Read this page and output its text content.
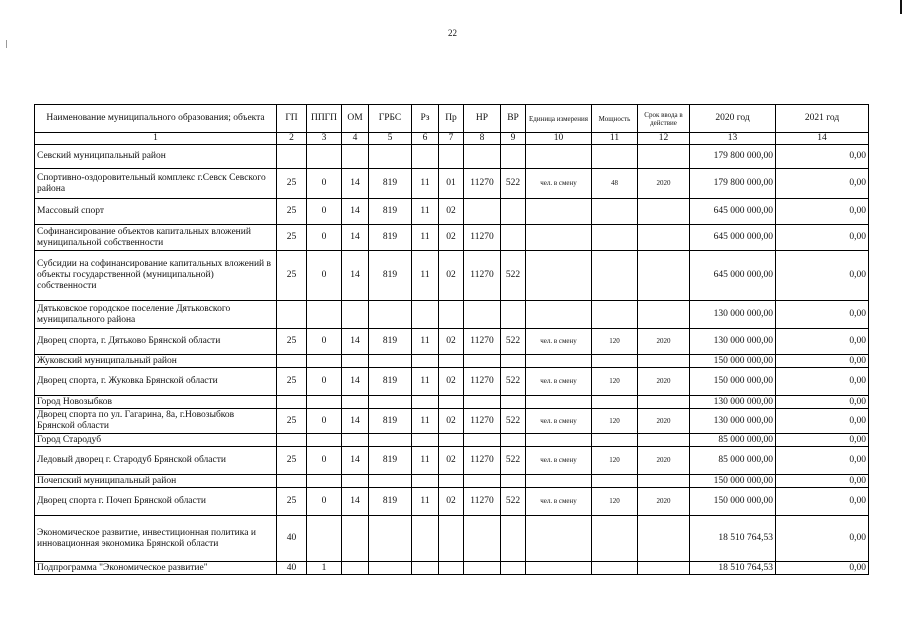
22
Наименование муниципального образования; объекта	ГП	ППГП	ОМ	ГРБС	Рз	Пр	НР	ВР	Единица измерения	Мощность	Срок ввода в действие	2020 год	2021 год
1	2	3	4	5	6	7	8	9	10	11	12	13	14
Севский муниципальный район												179 800 000,00	0,00
Спортивно-оздоровительный комплекс г.Севск Севского района	25	0	14	819	11	01	11270	522	чел. в смену	48	2020	179 800 000,00	0,00
Массовый спорт	25	0	14	819	11	02						645 000 000,00	0,00
Софинансирование объектов капитальных вложений муниципальной собственности	25	0	14	819	11	02	11270					645 000 000,00	0,00
Субсидии на софинансирование капитальных вложений в объекты государственной (муниципальной) собственности	25	0	14	819	11	02	11270	522				645 000 000,00	0,00
Дятьковское городское поселение Дятьковского муниципального района												130 000 000,00	0,00
Дворец спорта, г. Дятьково Брянской области	25	0	14	819	11	02	11270	522	чел. в смену	120	2020	130 000 000,00	0,00
Жуковский муниципальный район												150 000 000,00	0,00
Дворец спорта, г. Жуковка Брянской области	25	0	14	819	11	02	11270	522	чел. в смену	120	2020	150 000 000,00	0,00
Город Новозыбков												130 000 000,00	0,00
Дворец спорта по ул. Гагарина, 8а, г.Новозыбков Брянской области	25	0	14	819	11	02	11270	522	чел. в смену	120	2020	130 000 000,00	0,00
Город Стародуб												85 000 000,00	0,00
Ледовый дворец г. Стародуб Брянской области	25	0	14	819	11	02	11270	522	чел. в смену	120	2020	85 000 000,00	0,00
Почепский муниципальный район												150 000 000,00	0,00
Дворец спорта г. Почеп Брянской области	25	0	14	819	11	02	11270	522	чел. в смену	120	2020	150 000 000,00	0,00
Экономическое развитие, инвестиционная политика и инновационная экономика Брянской области	40											18 510 764,53	0,00
Подпрограмма "Экономическое развитие"	40	1										18 510 764,53	0,00
